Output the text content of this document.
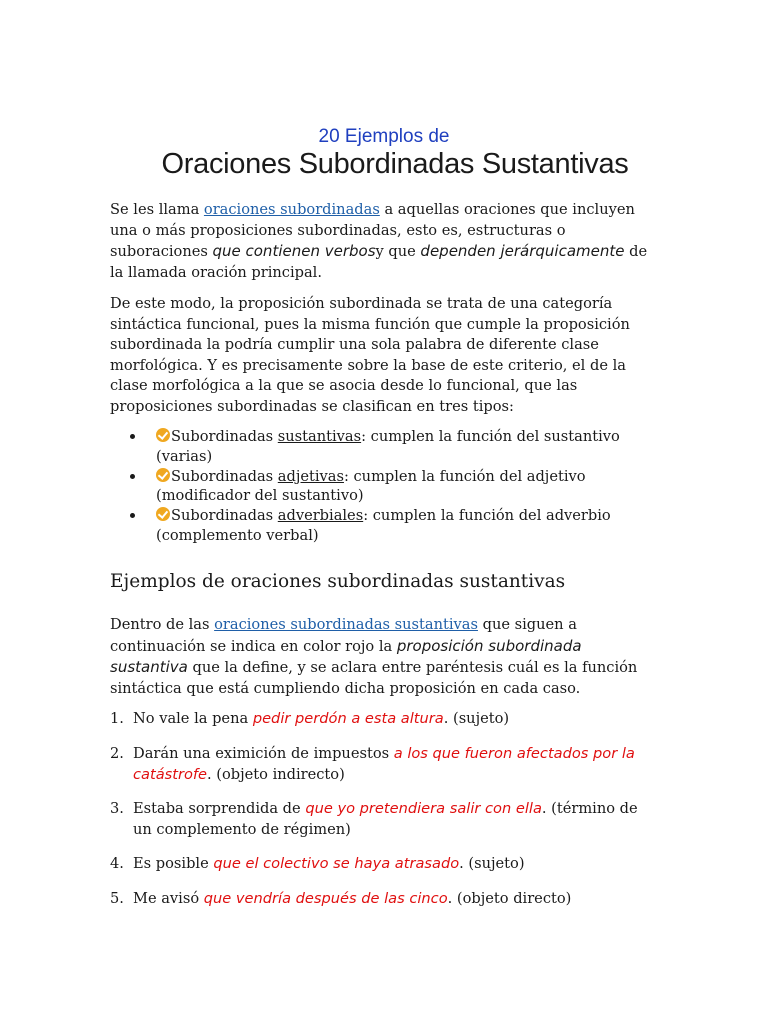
20 Ejemplos de
Oraciones Subordinadas Sustantivas

Se les llama oraciones subordinadas a aquellas oraciones que incluyen una o más proposiciones subordinadas, esto es, estructuras o suboraciones que contienen verbosy que dependen jerárquicamente de la llamada oración principal.

De este modo, la proposición subordinada se trata de una categoría sintáctica funcional, pues la misma función que cumple la proposición subordinada la podría cumplir una sola palabra de diferente clase morfológica. Y es precisamente sobre la base de este criterio, el de la clase morfológica a la que se asocia desde lo funcional, que las proposiciones subordinadas se clasifican en tres tipos:

Subordinadas sustantivas: cumplen la función del sustantivo (varias)
Subordinadas adjetivas: cumplen la función del adjetivo (modificador del sustantivo)
Subordinadas adverbiales: cumplen la función del adverbio (complemento verbal)
Ejemplos de oraciones subordinadas sustantivas

Dentro de las oraciones subordinadas sustantivas que siguen a continuación se indica en color rojo la proposición subordinada sustantiva que la define, y se aclara entre paréntesis cuál es la función sintáctica que está cumpliendo dicha proposición en cada caso.

1. No vale la pena pedir perdón a esta altura. (sujeto)
2. Darán una eximición de impuestos a los que fueron afectados por la catástrofe. (objeto indirecto)
3. Estaba sorprendida de que yo pretendiera salir con ella. (término de un complemento de régimen)
4. Es posible que el colectivo se haya atrasado. (sujeto)
5. Me avisó que vendría después de las cinco. (objeto directo)
